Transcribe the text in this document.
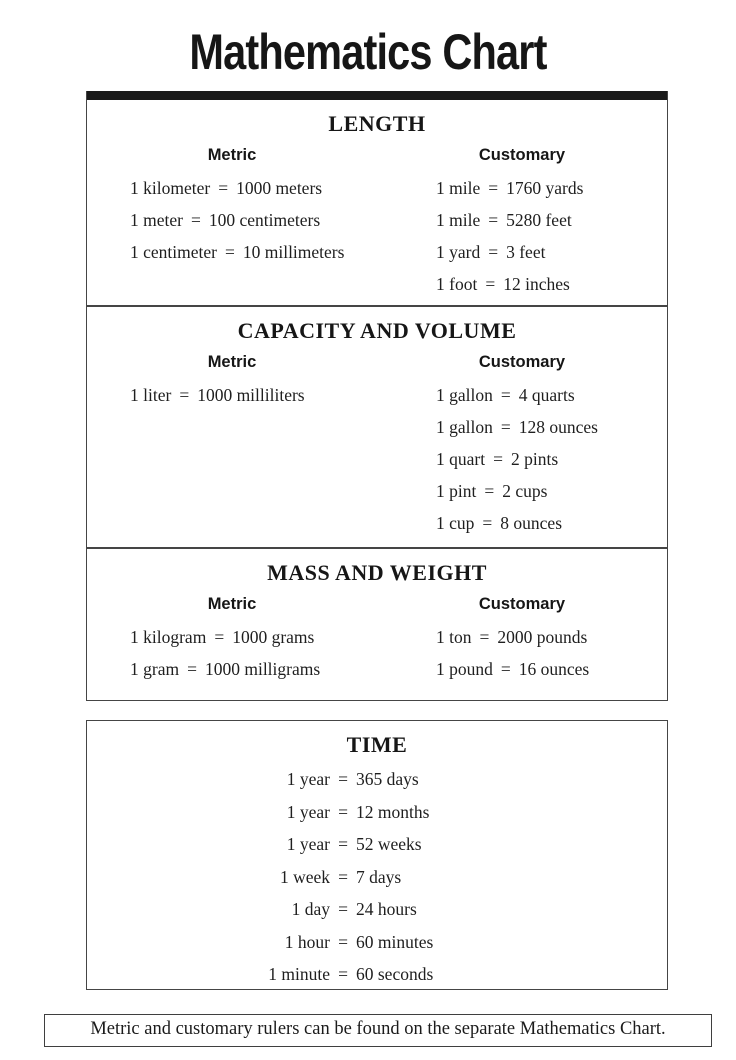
Mathematics Chart
LENGTH
Metric
1 kilometer = 1000 meters
1 meter = 100 centimeters
1 centimeter = 10 millimeters
Customary
1 mile = 1760 yards
1 mile = 5280 feet
1 yard = 3 feet
1 foot = 12 inches
CAPACITY AND VOLUME
Metric
1 liter = 1000 milliliters
Customary
1 gallon = 4 quarts
1 gallon = 128 ounces
1 quart = 2 pints
1 pint = 2 cups
1 cup = 8 ounces
MASS AND WEIGHT
Metric
1 kilogram = 1000 grams
1 gram = 1000 milligrams
Customary
1 ton = 2000 pounds
1 pound = 16 ounces
TIME
1 year = 365 days
1 year = 12 months
1 year = 52 weeks
1 week = 7 days
1 day = 24 hours
1 hour = 60 minutes
1 minute = 60 seconds
Metric and customary rulers can be found on the separate Mathematics Chart.
